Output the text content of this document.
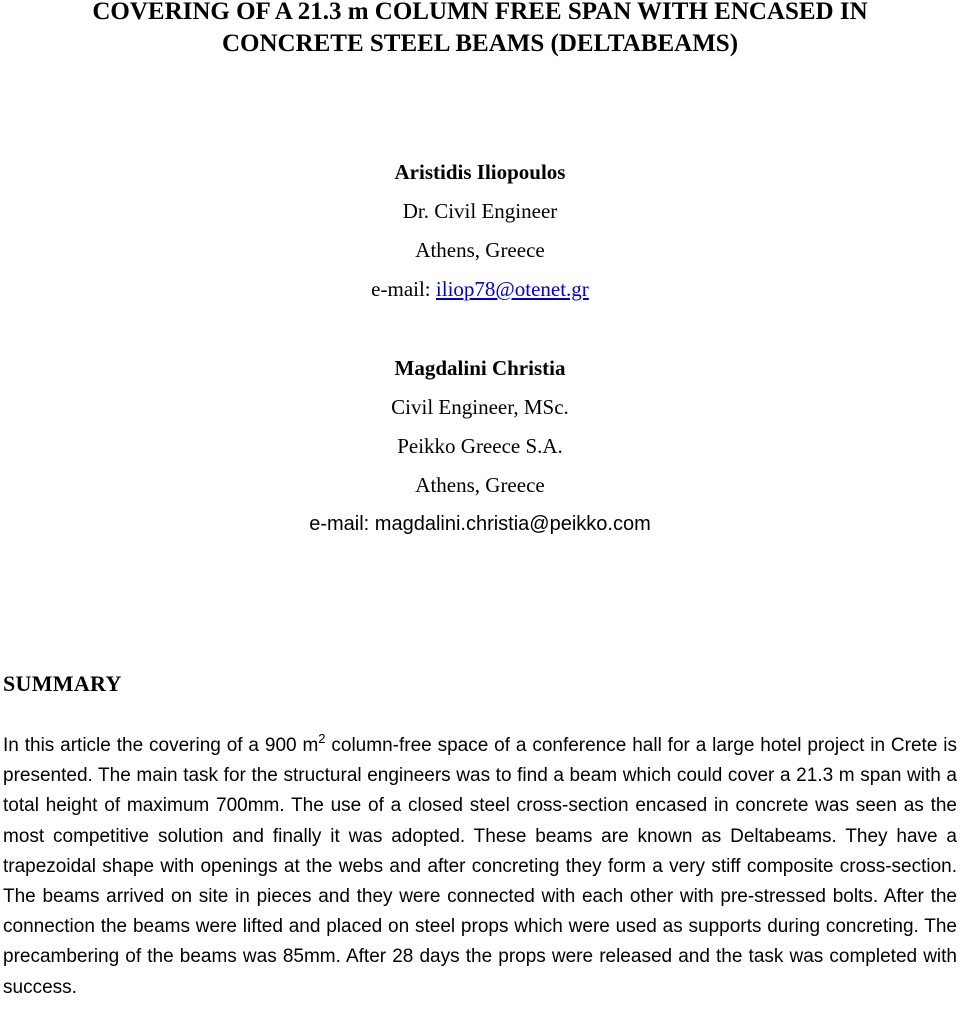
COVERING OF A 21.3 m COLUMN FREE SPAN WITH ENCASED IN
CONCRETE STEEL BEAMS (DELTABEAMS)
Aristidis Iliopoulos
Dr. Civil Engineer
Athens, Greece
e-mail: iliop78@otenet.gr
Magdalini Christia
Civil Engineer, MSc.
Peikko Greece S.A.
Athens, Greece
e-mail: magdalini.christia@peikko.com
SUMMARY

In this article the covering of a 900 $m^2$ column-free space of a conference hall for a large hotel project in Crete is presented. The main task for the structural engineers was to find a beam which could cover a 21.3 m span with a total height of maximum 700mm. The use of a closed steel cross-section encased in concrete was seen as the most competitive solution and finally it was adopted. These beams are known as Deltabeams. They have a trapezoidal shape with openings at the webs and after concreting they form a very stiff composite cross-section. The beams arrived on site in pieces and they were connected with each other with pre-stressed bolts. After the connection the beams were lifted and placed on steel props which were used as supports during concreting. The precambering of the beams was 85mm. After 28 days the props were released and the task was completed with success.
